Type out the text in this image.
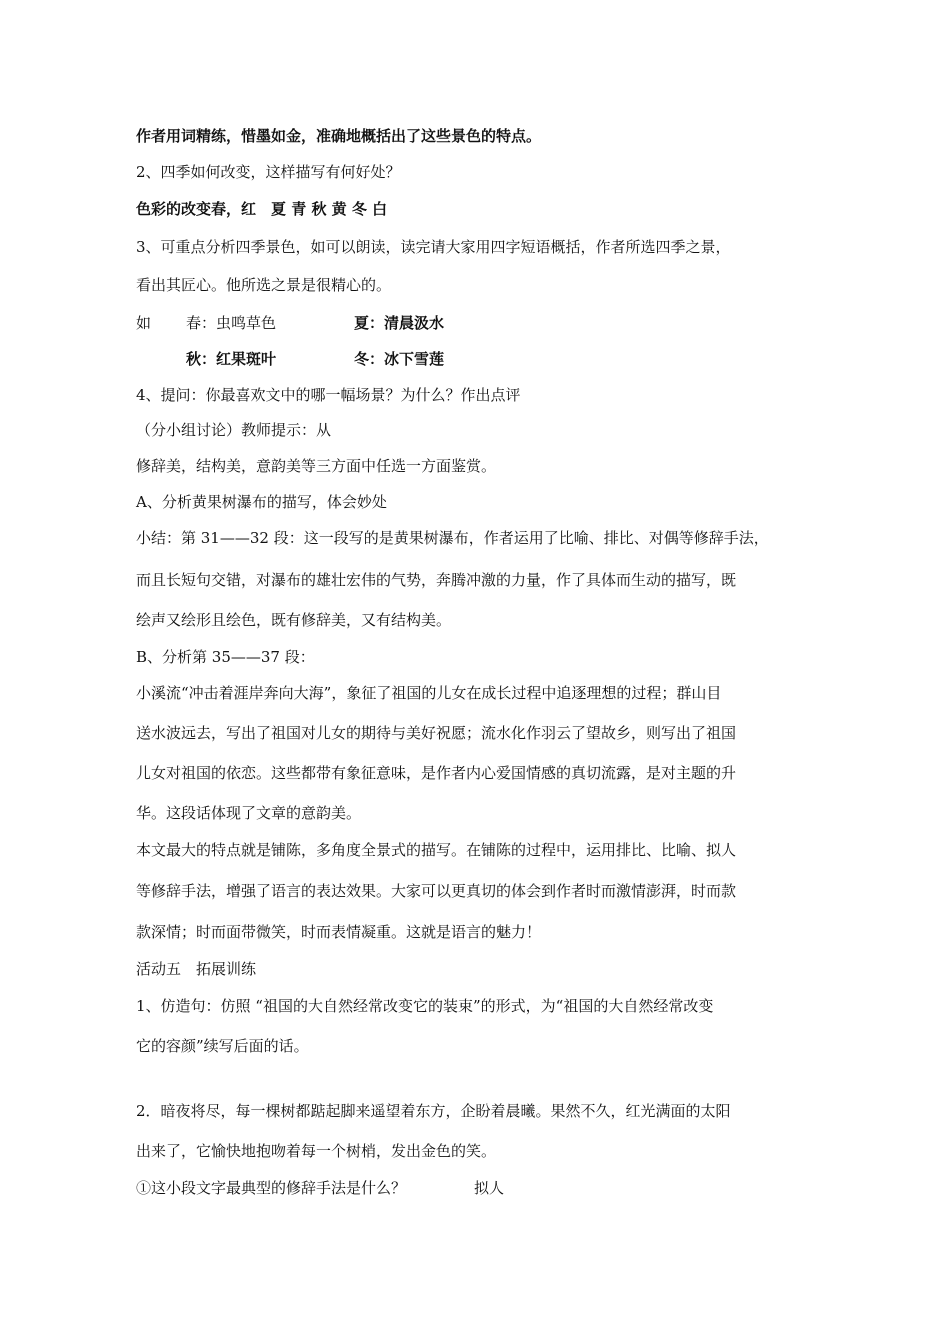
作者用词精练，惜墨如金，准确地概括出了这些景色的特点。
2、四季如何改变，这样描写有何好处？
色彩的改变春，红　夏 青 秋 黄 冬 白
3、可重点分析四季景色，如可以朗读，读完请大家用四字短语概括，作者所选四季之景，
看出其匠心。他所选之景是很精心的。
如 春：虫鸣草色	夏：清晨汲水
秋：红果斑叶	冬：冰下雪莲
4、提问：你最喜欢文中的哪一幅场景？为什么？作出点评
（分小组讨论）教师提示：从
修辞美，结构美，意韵美等三方面中任选一方面鉴赏。
A、分析黄果树瀑布的描写，体会妙处
小结：第 31——32 段：这一段写的是黄果树瀑布，作者运用了比喻、排比、对偶等修辞手法，
而且长短句交错，对瀑布的雄壮宏伟的气势，奔腾冲激的力量，作了具体而生动的描写，既
绘声又绘形且绘色，既有修辞美，又有结构美。
B、分析第 35——37 段：
小溪流“冲击着涯岸奔向大海”，象征了祖国的儿女在成长过程中追逐理想的过程；群山目
送水波远去，写出了祖国对儿女的期待与美好祝愿；流水化作羽云了望故乡，则写出了祖国
儿女对祖国的依恋。这些都带有象征意味，是作者内心爱国情感的真切流露，是对主题的升
华。这段话体现了文章的意韵美。
本文最大的特点就是铺陈，多角度全景式的描写。在铺陈的过程中，运用排比、比喻、拟人
等修辞手法，增强了语言的表达效果。大家可以更真切的体会到作者时而激情澎湃，时而款
款深情；时而面带微笑，时而表情凝重。这就是语言的魅力！
活动五　拓展训练
1、仿造句：仿照 “祖国的大自然经常改变它的装束”的形式，为“祖国的大自然经常改变
它的容颜”续写后面的话。
2．暗夜将尽，每一棵树都踮起脚来遥望着东方，企盼着晨曦。果然不久，红光满面的太阳
出来了，它愉快地抱吻着每一个树梢，发出金色的笑。
①这小段文字最典型的修辞手法是什么？	拟人
